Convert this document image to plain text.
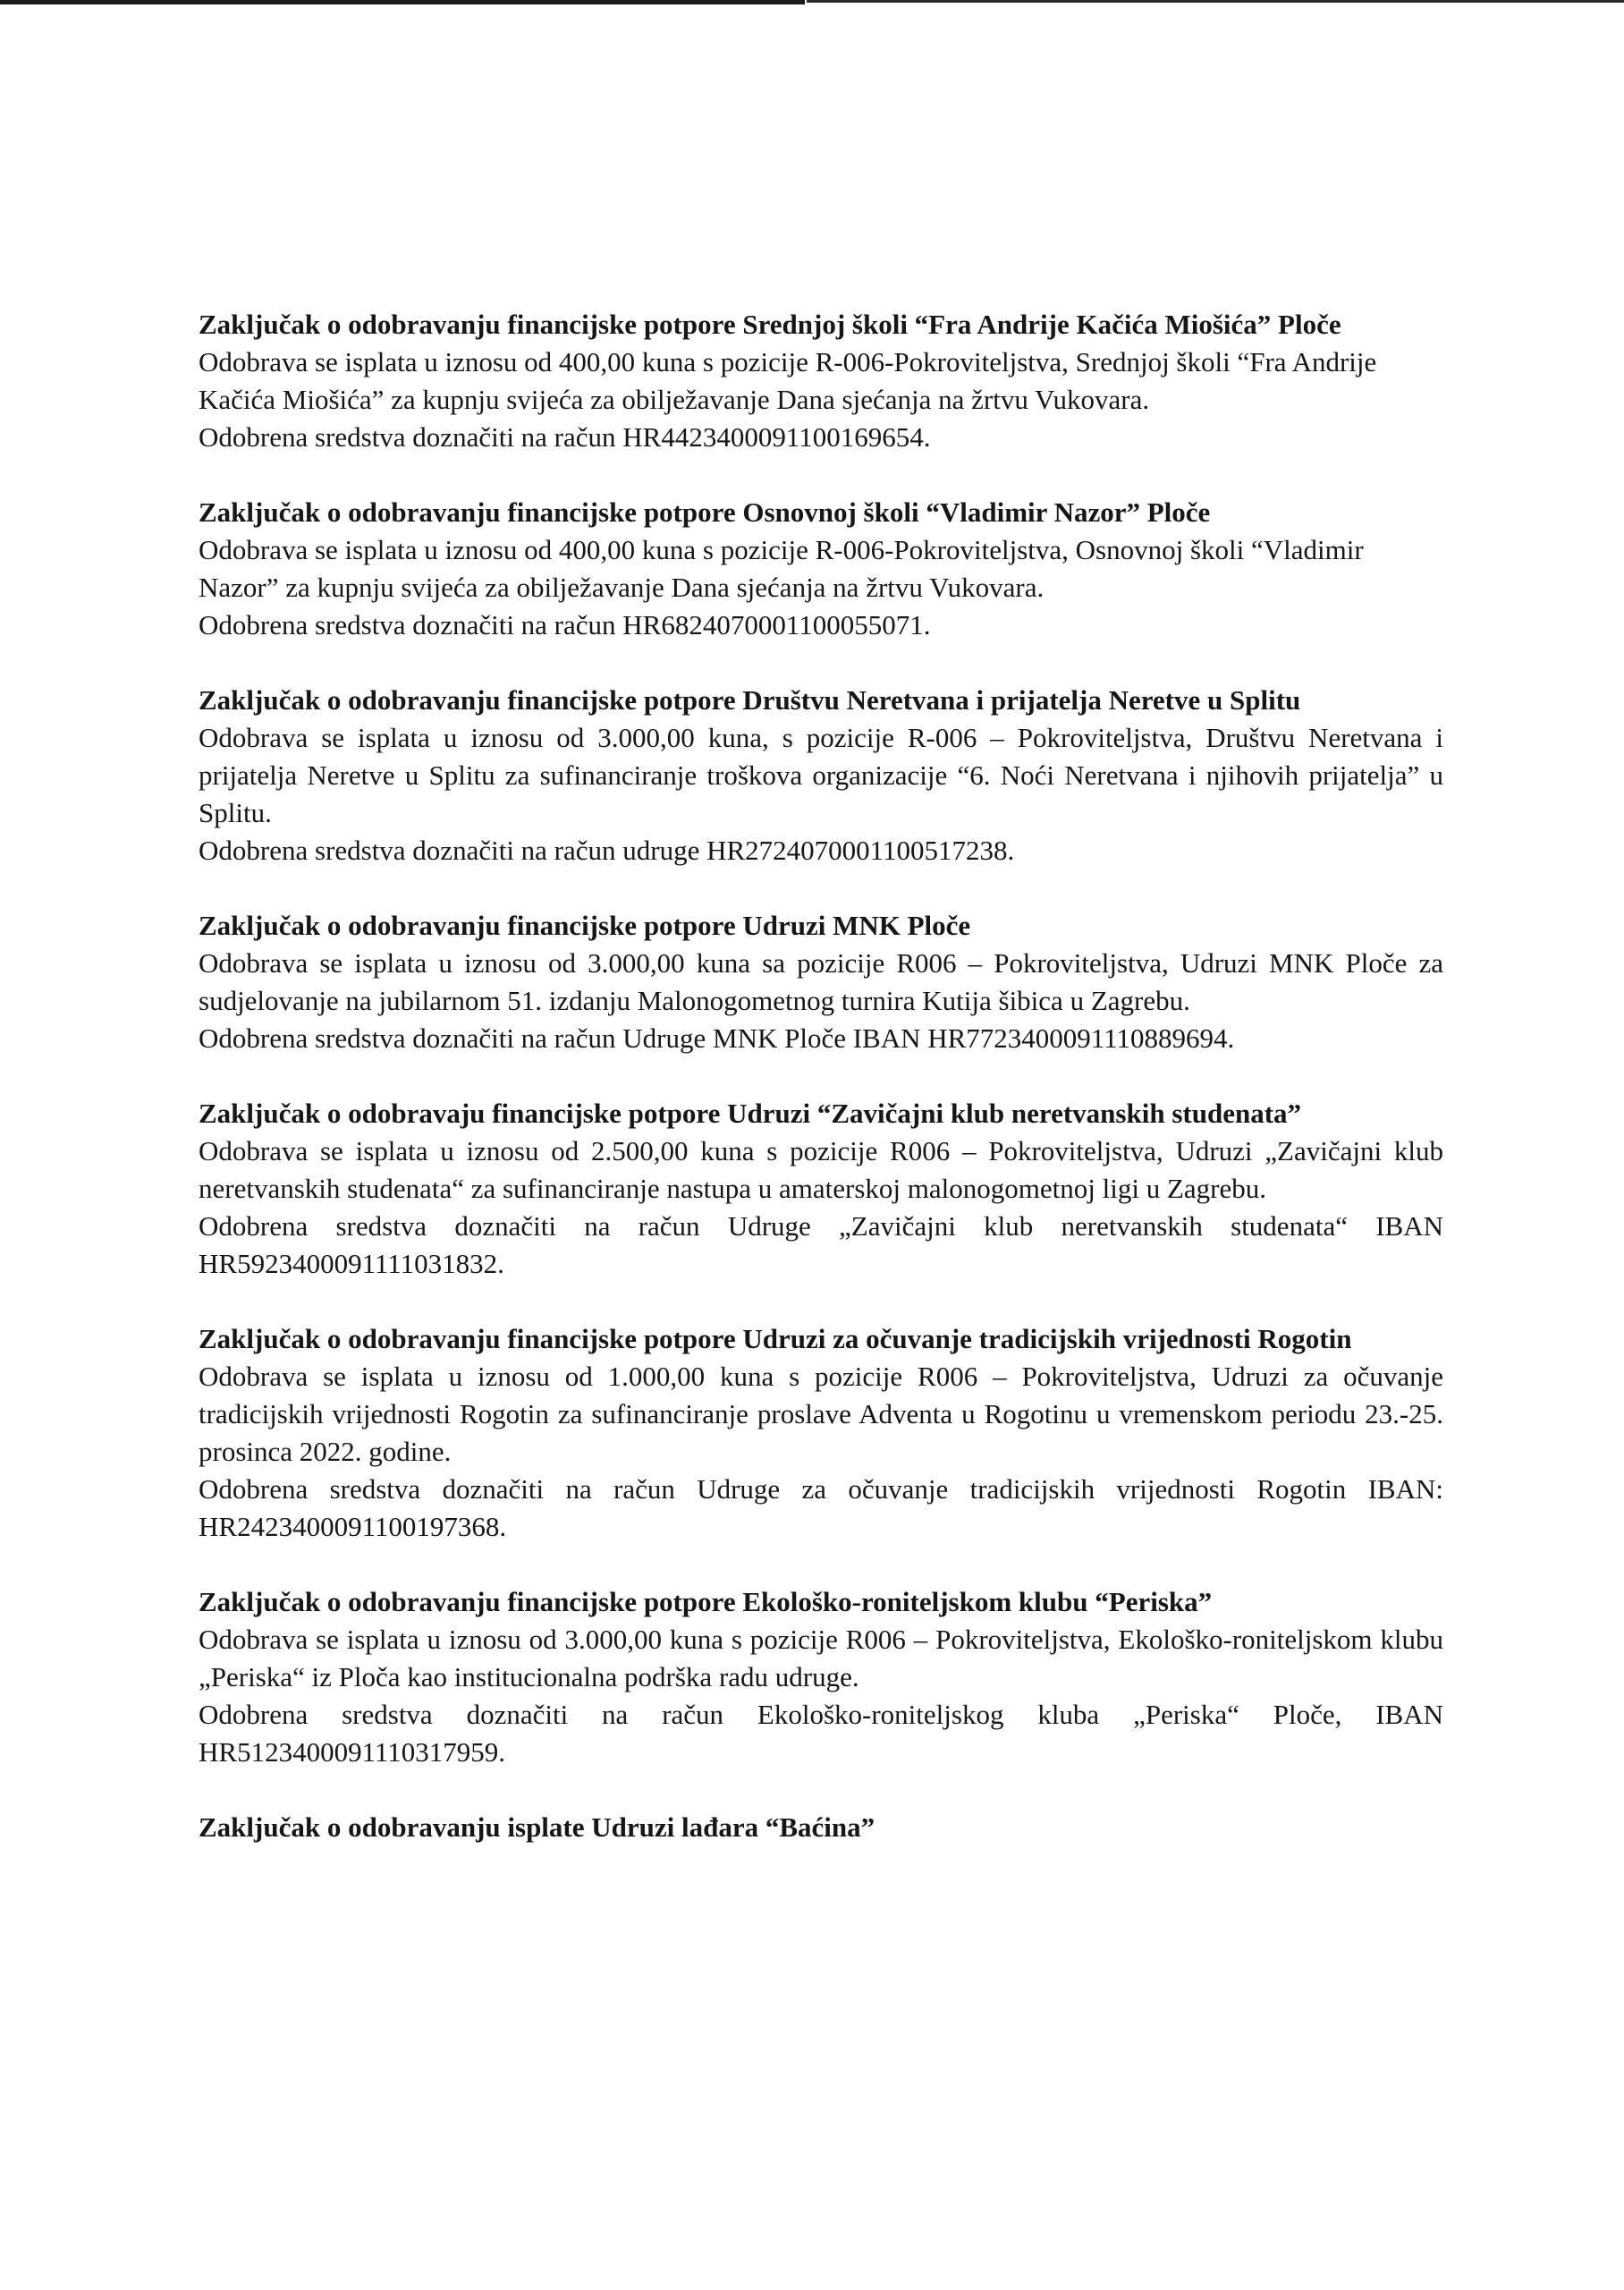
Zaključak o odobravanju financijske potpore Srednjoj školi “Fra Andrije Kačića Miošića” Ploče

Odobrava se isplata u iznosu od 400,00 kuna s pozicije R-006-Pokroviteljstva, Srednjoj školi “Fra Andrije Kačića Miošića” za kupnju svijeća za obilježavanje Dana sjećanja na žrtvu Vukovara.

Odobrena sredstva doznačiti na račun HR4423400091100169654.

Zaključak o odobravanju financijske potpore Osnovnoj školi “Vladimir Nazor” Ploče

Odobrava se isplata u iznosu od 400,00 kuna s pozicije R-006-Pokroviteljstva, Osnovnoj školi “Vladimir Nazor” za kupnju svijeća za obilježavanje Dana sjećanja na žrtvu Vukovara.

Odobrena sredstva doznačiti na račun HR6824070001100055071.

Zaključak o odobravanju financijske potpore Društvu Neretvana i prijatelja Neretve u Splitu

Odobrava se isplata u iznosu od 3.000,00 kuna, s pozicije R-006 – Pokroviteljstva, Društvu Neretvana i prijatelja Neretve u Splitu za sufinanciranje troškova organizacije “6. Noći Neretvana i njihovih prijatelja” u Splitu.

Odobrena sredstva doznačiti na račun udruge HR2724070001100517238.

Zaključak o odobravanju financijske potpore Udruzi MNK Ploče

Odobrava se isplata u iznosu od 3.000,00 kuna sa pozicije R006 – Pokroviteljstva, Udruzi MNK Ploče za sudjelovanje na jubilarnom 51. izdanju Malonogometnog turnira Kutija šibica u Zagrebu.

Odobrena sredstva doznačiti na račun Udruge MNK Ploče IBAN HR7723400091110889694.

Zaključak o odobravaju financijske potpore Udruzi “Zavičajni klub neretvanskih studenata”

Odobrava se isplata u iznosu od 2.500,00 kuna s pozicije R006 – Pokroviteljstva, Udruzi „Zavičajni klub neretvanskih studenata“ za sufinanciranje nastupa u amaterskoj malonogometnoj ligi u Zagrebu.

Odobrena sredstva doznačiti na račun Udruge „Zavičajni klub neretvanskih studenata“ IBAN HR5923400091111031832.

Zaključak o odobravanju financijske potpore Udruzi za očuvanje tradicijskih vrijednosti Rogotin

Odobrava se isplata u iznosu od 1.000,00 kuna s pozicije R006 – Pokroviteljstva, Udruzi za očuvanje tradicijskih vrijednosti Rogotin za sufinanciranje proslave Adventa u Rogotinu u vremenskom periodu 23.-25. prosinca 2022. godine.

Odobrena sredstva doznačiti na račun Udruge za očuvanje tradicijskih vrijednosti Rogotin IBAN: HR2423400091100197368.

Zaključak o odobravanju financijske potpore Ekološko-roniteljskom klubu “Periska”

Odobrava se isplata u iznosu od 3.000,00 kuna s pozicije R006 – Pokroviteljstva, Ekološko-roniteljskom klubu „Periska“ iz Ploča kao institucionalna podrška radu udruge.

Odobrena sredstva doznačiti na račun Ekološko-roniteljskog kluba „Periska“ Ploče, IBAN HR5123400091110317959.

Zaključak o odobravanju isplate Udruzi lađara “Baćina”
